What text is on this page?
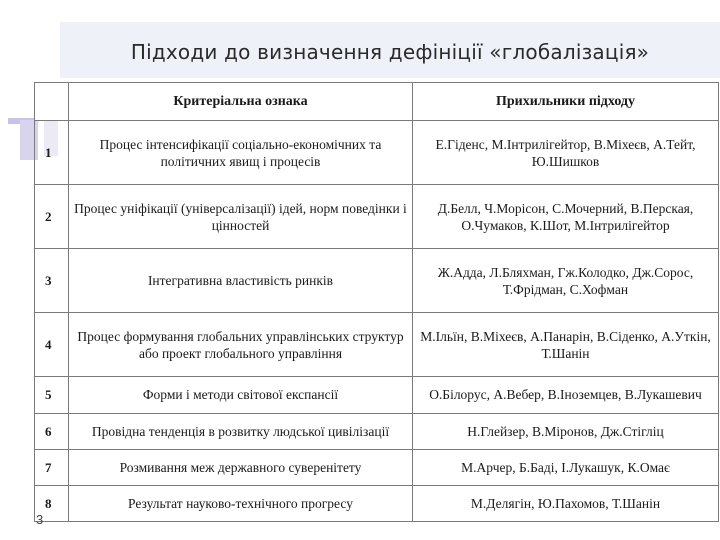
Підходи до визначення дефініції «глобалізація»
	Критеріальна ознака	Прихильники підходу
1	Процес інтенсифікації соціально-економічних та політичних явищ і процесів	Е.Гіденс, М.Інтрилігейтор, В.Міхеєв, А.Тейт, Ю.Шишков
2	Процес уніфікації (універсалізації) ідей, норм поведінки і цінностей	Д.Белл, Ч.Морісон, С.Мочерний, В.Перская, О.Чумаков, К.Шот, М.Інтрилігейтор
3	Інтегративна властивість ринків	Ж.Адда, Л.Бляхман, Гж.Колодко, Дж.Сорос, Т.Фрідман, С.Хофман
4	Процес формування глобальних управлінських структур або проект глобального управління	М.Ільїн, В.Міхеєв, А.Панарін, В.Сіденко, А.Уткін, Т.Шанін
5	Форми і методи світової експансії	О.Білорус, А.Вебер, В.Іноземцев, В.Лукашевич
6	Провідна тенденція в розвитку людської цивілізації	Н.Глейзер, В.Міронов, Дж.Стігліц
7	Розмивання меж державного суверенітету	М.Арчер, Б.Баді, І.Лукашук, К.Омає
8	Результат науково-технічного прогресу	М.Делягін, Ю.Пахомов, Т.Шанін
3
